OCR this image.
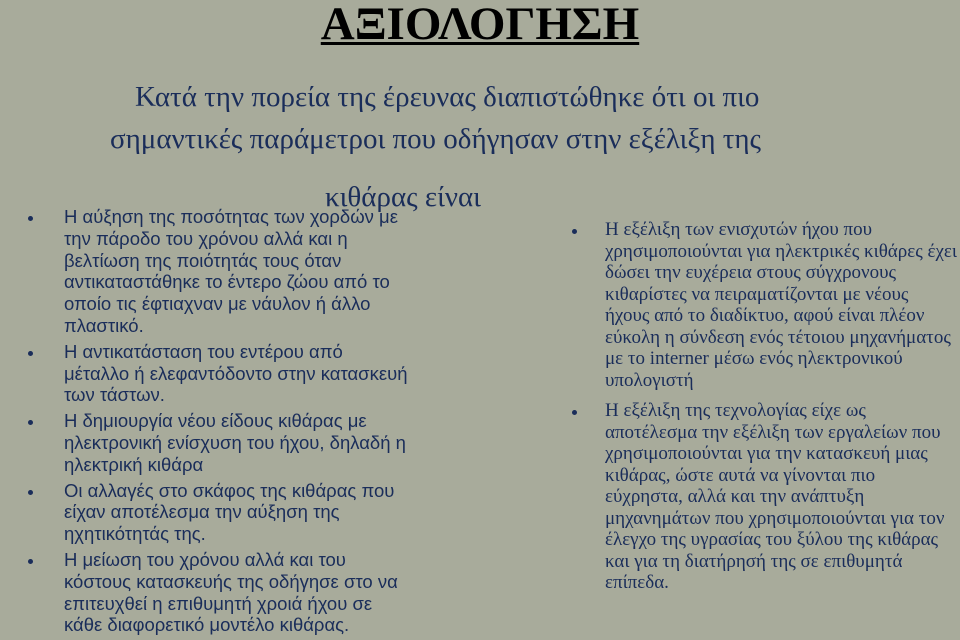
ΑΞΙΟΛΟΓΗΣΗ
Κατά την πορεία της έρευνας διαπιστώθηκε ότι οι πιο
σημαντικές παράμετροι που οδήγησαν στην εξέλιξη της
κιθάρας είναι
Η αύξηση της ποσότητας των χορδών με την πάροδο του χρόνου αλλά και η βελτίωση της ποιότητάς τους όταν αντικαταστάθηκε το έντερο ζώου από το οποίο τις έφτιαχναν με νάυλον ή άλλο πλαστικό.
Η αντικατάσταση του εντέρου από μέταλλο ή ελεφαντόδοντο στην κατασκευή των τάστων.
Η δημιουργία νέου είδους κιθάρας με ηλεκτρονική ενίσχυση του ήχου, δηλαδή η ηλεκτρική κιθάρα
Οι αλλαγές στο σκάφος της κιθάρας που είχαν αποτέλεσμα την αύξηση της ηχητικότητάς της.
Η μείωση του χρόνου αλλά και του κόστους κατασκευής της οδήγησε στο να επιτευχθεί η επιθυμητή χροιά ήχου σε κάθε διαφορετικό μοντέλο κιθάρας.
Η εξέλιξη των ενισχυτών ήχου που χρησιμοποιούνται για ηλεκτρικές κιθάρες έχει δώσει την ευχέρεια στους σύγχρονους κιθαρίστες να πειραματίζονται με νέους ήχους από το διαδίκτυο, αφού είναι πλέον εύκολη η σύνδεση ενός τέτοιου μηχανήματος με το interner μέσω ενός ηλεκτρονικού υπολογιστή
Η εξέλιξη της τεχνολογίας είχε ως αποτέλεσμα την εξέλιξη των εργαλείων που χρησιμοποιούνται για την κατασκευή μιας κιθάρας, ώστε αυτά να γίνονται πιο εύχρηστα, αλλά και την ανάπτυξη μηχανημάτων που χρησιμοποιούνται για τον έλεγχο της υγρασίας του ξύλου της κιθάρας και για τη διατήρησή της σε επιθυμητά επίπεδα.
